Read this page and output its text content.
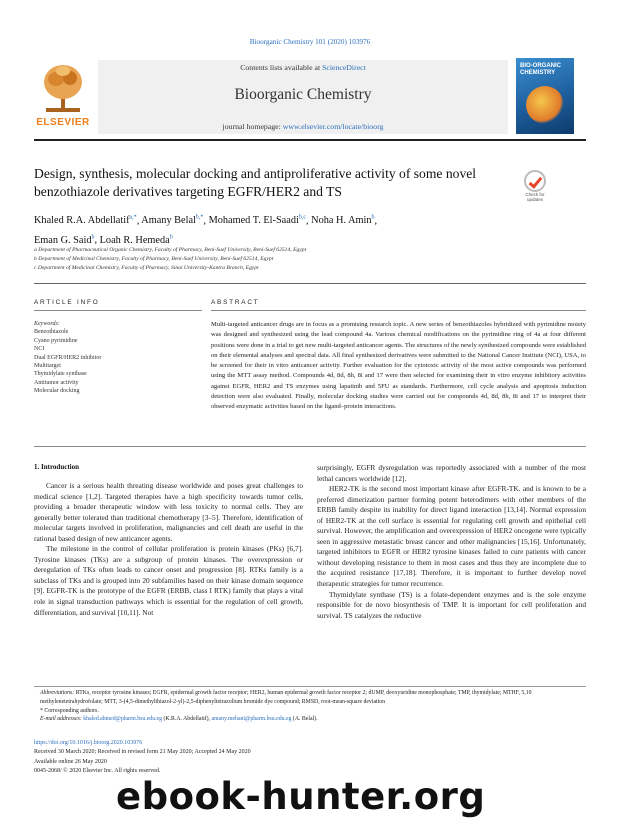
Bioorganic Chemistry 101 (2020) 103976
ELSEVIER
Contents lists available at ScienceDirect
Bioorganic Chemistry
journal homepage: www.elsevier.com/locate/bioorg
BIO-ORGANIC CHEMISTRY
Design, synthesis, molecular docking and antiproliferative activity of some novel benzothiazole derivatives targeting EGFR/HER2 and TS	Check for updates
Khaled R.A. Abdellatif$^{a,*}$, Amany Belal$^{b,*}$, Mohamed T. El-Saadi$^{b,c}$, Noha H. Amin$^b$,
Eman G. Said$^b$, Loah R. Hemeda$^b$
a Department of Pharmaceutical Organic Chemistry, Faculty of Pharmacy, Beni-Suef University, Beni-Suef 62514, Egypt
b Department of Medicinal Chemistry, Faculty of Pharmacy, Beni-Suef University, Beni-Suef 62514, Egypt
c Department of Medicinal Chemistry, Faculty of Pharmacy, Sinai University-Kantra Branch, Egypt
ARTICLE INFO	ABSTRACT
Keywords:
Benzothiazole
Cyano pyrimidine
NCI
Dual EGFR/HER2 inhibitor
Multitarget
Thymidylate synthase
Antitumor activity
Molecular docking
Multi-targeted anticancer drugs are in focus as a promising research topic. A new series of benzothiazoles hybridized with pyrimidine moiety was designed and synthesized using the lead compound 4a. Various chemical modifications on the pyrimidine ring of 4a at four different positions were done in a trial to get new multi-targeted anticancer agents. The structures of the newly synthesized compounds were established on their elemental analyses and spectral data. All final synthesized derivatives were submitted to the National Cancer Institute (NCI), USA, to be screened for their in vitro anticancer activity. Further evaluation for the cytotoxic activity of the most active compounds was performed using the MTT assay method. Compounds 4d, 8d, 8h, 8i and 17 were then selected for examining their in vitro enzyme inhibitory activities against EGFR, HER2 and TS enzymes using lapatinib and 5FU as standards. Furthermore, cell cycle analysis and apoptosis induction detection were also evaluated. Finally, molecular docking studies were carried out for compounds 4d, 8d, 8h, 8i and 17 to interpret their observed enzymatic activities based on the ligand–protein interactions.
1. Introduction

Cancer is a serious health threating disease worldwide and poses great challenges to medical science [1,2]. Targeted therapies have a high specificity towards tumor cells, providing a broader therapeutic window with less toxicity to normal cells. They are generally better tolerated than traditional chemotherapy [3–5]. Therefore, identification of molecular targets involved in proliferation, malignancies and cell death are useful in the rational based design of new anticancer agents.

The milestone in the control of cellular proliferation is protein kinases (PKs) [6,7]. Tyrosine kinases (TKs) are a subgroup of protein kinases. The overexpression or deregulation of TKs often leads to cancer onset and progression [8]. RTKs family is a subclass of TKs and is grouped into 20 subfamilies based on their kinase domain sequence [9]. EGFR-TK is the prototype of the EGFR (ERBB, class I RTK) family that plays a vital role in signal transduction pathways which is essential for the regulation of cell growth, differentiation, and survival [10,11]. Not

surprisingly, EGFR dysregulation was reportedly associated with a number of the most lethal cancers worldwide [12].

HER2-TK is the second most important kinase after EGFR-TK. and is known to be a preferred dimerization partner forming potent heterodimers with other members of the ERBB family despite its inability for direct ligand interaction [13,14]. Normal expression of HER2-TK at the cell surface is essential for regulating cell growth and epithelial cell survival. However, the amplification and overexpression of HER2 oncogene were typically seen in aggressive metastatic breast cancer and other malignancies [15,16]. Unfortunately, targeted inhibitors to EGFR or HER2 tyrosine kinases failed to cure patients with cancer without developing resistance to them in most cases and thus they are incomplete due to the acquired resistance [17,18]. Therefore, it is important to further develop novel therapeutic strategies for tumor recurrence.

Thymidylate synthase (TS) is a folate-dependent enzymes and is the sole enzyme responsible for de novo biosynthesis of TMP. It is important for cell proliferation and survival. TS catalyzes the reductive

Abbreviations: RTKs, receptor tyrosine kinases; EGFR, epidermal growth factor receptor; HER2, human epidermal growth factor receptor 2; dUMP, deoxyuridine monophosphate; TMP, thymidylate; MTHF, 5,10 methylenetetrahydrofolate; MTT, 3-(4,5-dimethylthiazol-2-yl)-2,5-diphenyltetrazolium bromide dye compound; RMSD, root-mean-square deviation
* Corresponding authors.
E-mail addresses: khaled.ahmed@pharm.bsu.edu.eg (K.R.A. Abdellatif), amany.mehani@pharm.bsu.edu.eg (A. Belal).
https://doi.org/10.1016/j.bioorg.2020.103976
Received 30 March 2020; Received in revised form 21 May 2020; Accepted 24 May 2020
Available online 26 May 2020
0045-2068/ © 2020 Elsevier Inc. All rights reserved.
ebook-hunter.org
